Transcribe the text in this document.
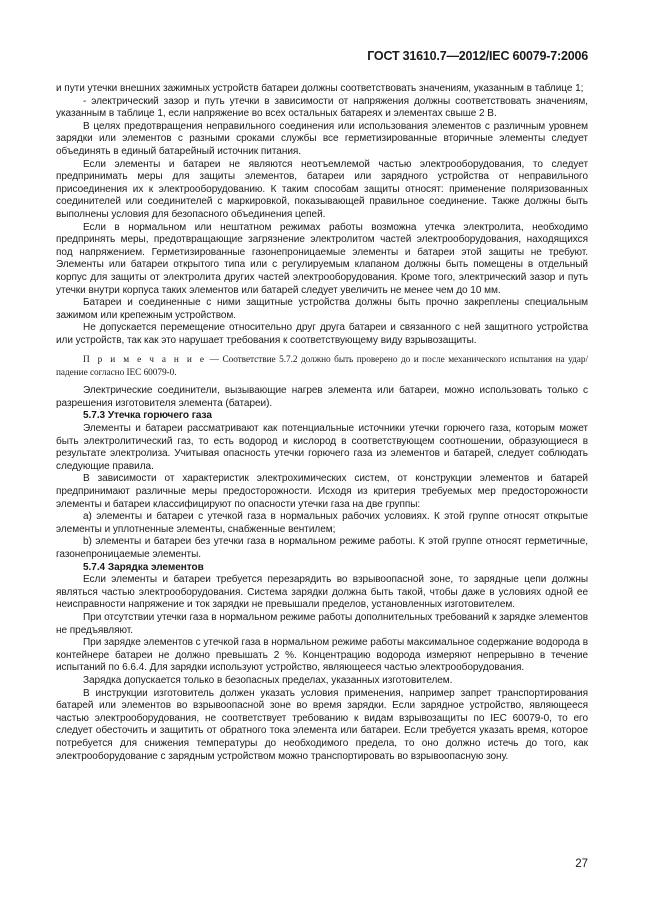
ГОСТ 31610.7—2012/IEC 60079-7:2006

и пути утечки внешних зажимных устройств батареи должны соответствовать значениям, указанным в таблице 1;

- электрический зазор и путь утечки в зависимости от напряжения должны соответствовать значениям, указанным в таблице 1, если напряжение во всех остальных батареях и элементах свыше 2 В.

В целях предотвращения неправильного соединения или использования элементов с различным уровнем зарядки или элементов с разными сроками службы все герметизированные вторичные элементы следует объединять в единый батарейный источник питания.

Если элементы и батареи не являются неотъемлемой частью электрооборудования, то следует предпринимать меры для защиты элементов, батареи или зарядного устройства от неправильного присоединения их к электрооборудованию. К таким способам защиты относят: применение поляризованных соединителей или соединителей с маркировкой, показывающей правильное соединение. Также должны быть выполнены условия для безопасного объединения цепей.

Если в нормальном или нештатном режимах работы возможна утечка электролита, необходимо предпринять меры, предотвращающие загрязнение электролитом частей электрооборудования, находящихся под напряжением. Герметизированные газонепроницаемые элементы и батареи этой защиты не требуют. Элементы или батареи открытого типа или с регулируемым клапаном должны быть помещены в отдельный корпус для защиты от электролита других частей электрооборудования. Кроме того, электрический зазор и путь утечки внутри корпуса таких элементов или батарей следует увеличить не менее чем до 10 мм.

Батареи и соединенные с ними защитные устройства должны быть прочно закреплены специальным зажимом или крепежным устройством.

Не допускается перемещение относительно друг друга батареи и связанного с ней защитного устройства или устройств, так как это нарушает требования к соответствующему виду взрывозащиты.

П р и м е ч а н и е — Соответствие 5.7.2 должно быть проверено до и после механического испытания на удар/падение согласно IEC 60079-0.

Электрические соединители, вызывающие нагрев элемента или батареи, можно использовать только с разрешения изготовителя элемента (батареи).

5.7.3 Утечка горючего газа

Элементы и батареи рассматривают как потенциальные источники утечки горючего газа, которым может быть электролитический газ, то есть водород и кислород в соответствующем соотношении, образующиеся в результате электролиза. Учитывая опасность утечки горючего газа из элементов и батарей, следует соблюдать следующие правила.

В зависимости от характеристик электрохимических систем, от конструкции элементов и батарей предпринимают различные меры предосторожности. Исходя из критерия требуемых мер предосторожности элементы и батареи классифицируют по опасности утечки газа на две группы:

а) элементы и батареи с утечкой газа в нормальных рабочих условиях. К этой группе относят открытые элементы и уплотненные элементы, снабженные вентилем;

b) элементы и батареи без утечки газа в нормальном режиме работы. К этой группе относят герметичные, газонепроницаемые элементы.

5.7.4 Зарядка элементов

Если элементы и батареи требуется перезарядить во взрывоопасной зоне, то зарядные цепи должны являться частью электрооборудования. Система зарядки должна быть такой, чтобы даже в условиях одной ее неисправности напряжение и ток зарядки не превышали пределов, установленных изготовителем.

При отсутствии утечки газа в нормальном режиме работы дополнительных требований к зарядке элементов не предъявляют.

При зарядке элементов с утечкой газа в нормальном режиме работы максимальное содержание водорода в контейнере батареи не должно превышать 2 %. Концентрацию водорода измеряют непрерывно в течение испытаний по 6.6.4. Для зарядки используют устройство, являющееся частью электрооборудования.

Зарядка допускается только в безопасных пределах, указанных изготовителем.

В инструкции изготовитель должен указать условия применения, например запрет транспортирования батарей или элементов во взрывоопасной зоне во время зарядки. Если зарядное устройство, являющееся частью электрооборудования, не соответствует требованию к видам взрывозащиты по IEC 60079-0, то его следует обесточить и защитить от обратного тока элемента или батареи. Если требуется указать время, которое потребуется для снижения температуры до необходимого предела, то оно должно истечь до того, как электрооборудование с зарядным устройством можно транспортировать во взрывоопасную зону.

27
